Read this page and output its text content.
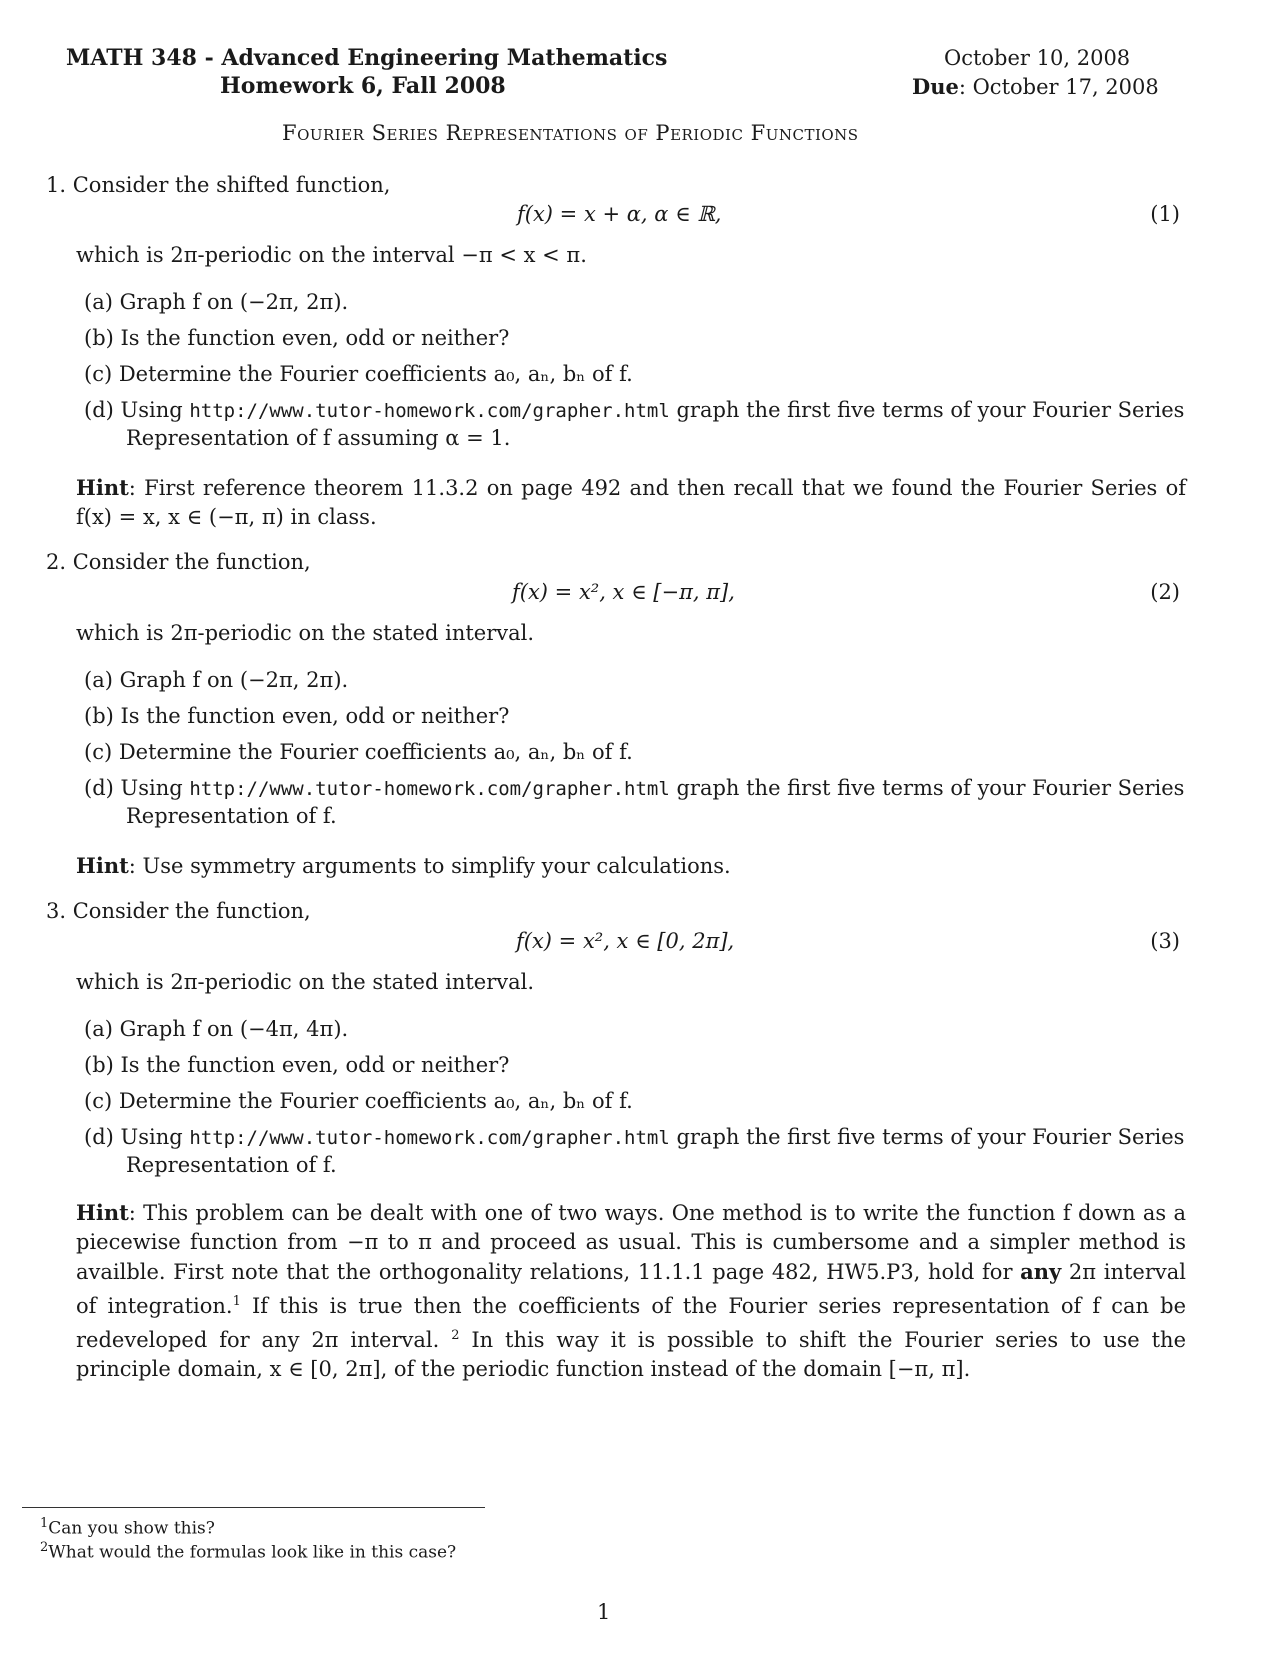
MATH 348 - Advanced Engineering Mathematics
Homework 6, Fall 2008
October 10, 2008
Due: October 17, 2008
Fourier Series Representations of Periodic Functions
1. Consider the shifted function,
f(x) = x + α, α ∈ ℝ,	(1)
which is 2π-periodic on the interval −π < x < π.
(a) Graph f on (−2π, 2π).
(b) Is the function even, odd or neither?
(c) Determine the Fourier coefficients a₀, aₙ, bₙ of f.
(d) Using http://www.tutor-homework.com/grapher.html graph the first five terms of your Fourier Series
Representation of f assuming α = 1.
Hint: First reference theorem 11.3.2 on page 492 and then recall that we found the Fourier Series of f(x) = x, x ∈ (−π, π) in class.
2. Consider the function,
f(x) = x², x ∈ [−π, π],	(2)
which is 2π-periodic on the stated interval.
(a) Graph f on (−2π, 2π).
(b) Is the function even, odd or neither?
(c) Determine the Fourier coefficients a₀, aₙ, bₙ of f.
(d) Using http://www.tutor-homework.com/grapher.html graph the first five terms of your Fourier Series
Representation of f.
Hint: Use symmetry arguments to simplify your calculations.
3. Consider the function,
f(x) = x², x ∈ [0, 2π],	(3)
which is 2π-periodic on the stated interval.
(a) Graph f on (−4π, 4π).
(b) Is the function even, odd or neither?
(c) Determine the Fourier coefficients a₀, aₙ, bₙ of f.
(d) Using http://www.tutor-homework.com/grapher.html graph the first five terms of your Fourier Series
Representation of f.
Hint: This problem can be dealt with one of two ways. One method is to write the function f down as a piecewise function from −π to π and proceed as usual. This is cumbersome and a simpler method is availble. First note that the orthogonality relations, 11.1.1 page 482, HW5.P3, hold for any 2π interval of integration.$^1$ If this is true then the coefficients of the Fourier series representation of f can be redeveloped for any 2π interval. $^2$ In this way it is possible to shift the Fourier series to use the principle domain, x ∈ [0, 2π], of the periodic function instead of the domain [−π, π].
$^1$Can you show this?
$^2$What would the formulas look like in this case?
1
